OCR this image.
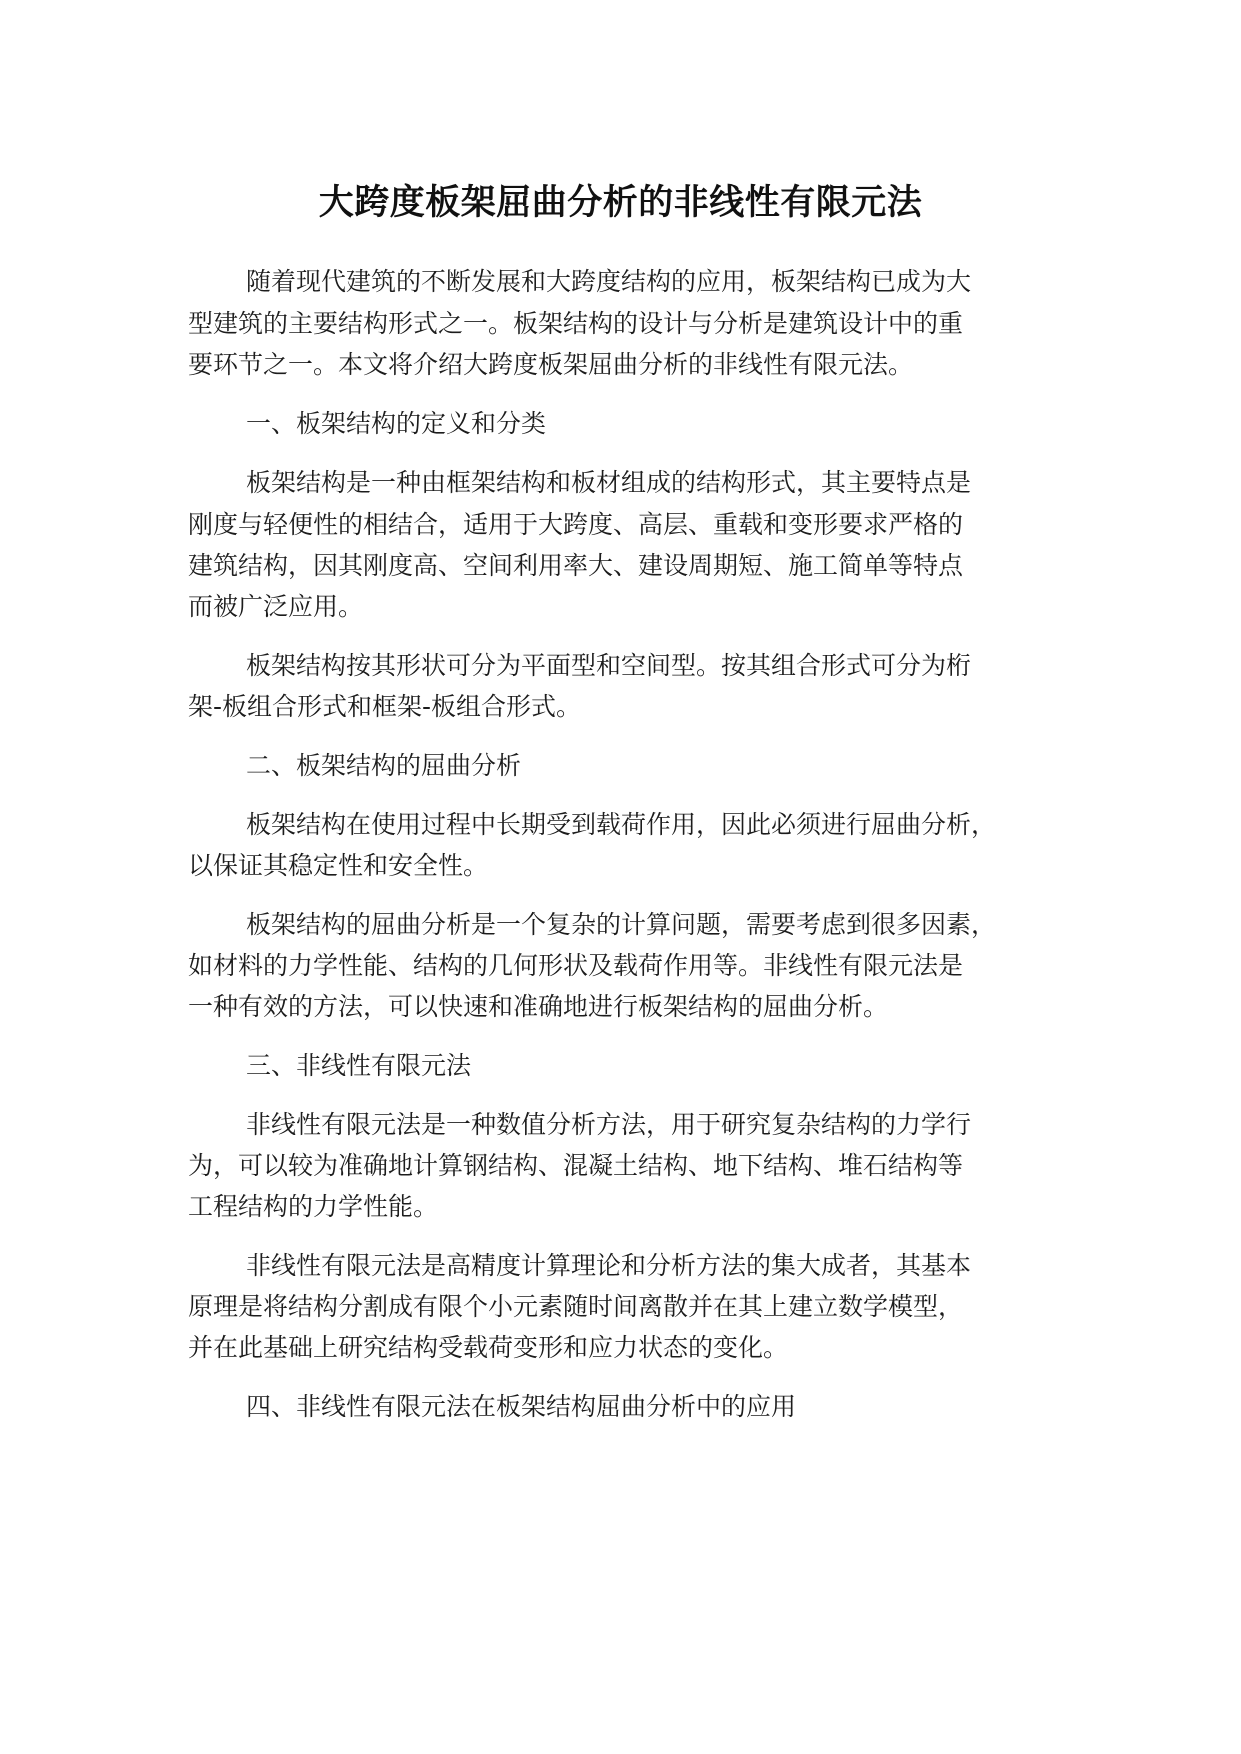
大跨度板架屈曲分析的非线性有限元法
随着现代建筑的不断发展和大跨度结构的应用，板架结构已成为大
型建筑的主要结构形式之一。板架结构的设计与分析是建筑设计中的重
要环节之一。本文将介绍大跨度板架屈曲分析的非线性有限元法。
一、板架结构的定义和分类
板架结构是一种由框架结构和板材组成的结构形式，其主要特点是
刚度与轻便性的相结合，适用于大跨度、高层、重载和变形要求严格的
建筑结构，因其刚度高、空间利用率大、建设周期短、施工简单等特点
而被广泛应用。
板架结构按其形状可分为平面型和空间型。按其组合形式可分为桁
架-板组合形式和框架-板组合形式。
二、板架结构的屈曲分析
板架结构在使用过程中长期受到载荷作用，因此必须进行屈曲分析，
以保证其稳定性和安全性。
板架结构的屈曲分析是一个复杂的计算问题，需要考虑到很多因素，
如材料的力学性能、结构的几何形状及载荷作用等。非线性有限元法是
一种有效的方法，可以快速和准确地进行板架结构的屈曲分析。
三、非线性有限元法
非线性有限元法是一种数值分析方法，用于研究复杂结构的力学行
为，可以较为准确地计算钢结构、混凝土结构、地下结构、堆石结构等
工程结构的力学性能。
非线性有限元法是高精度计算理论和分析方法的集大成者，其基本
原理是将结构分割成有限个小元素随时间离散并在其上建立数学模型，
并在此基础上研究结构受载荷变形和应力状态的变化。
四、非线性有限元法在板架结构屈曲分析中的应用
